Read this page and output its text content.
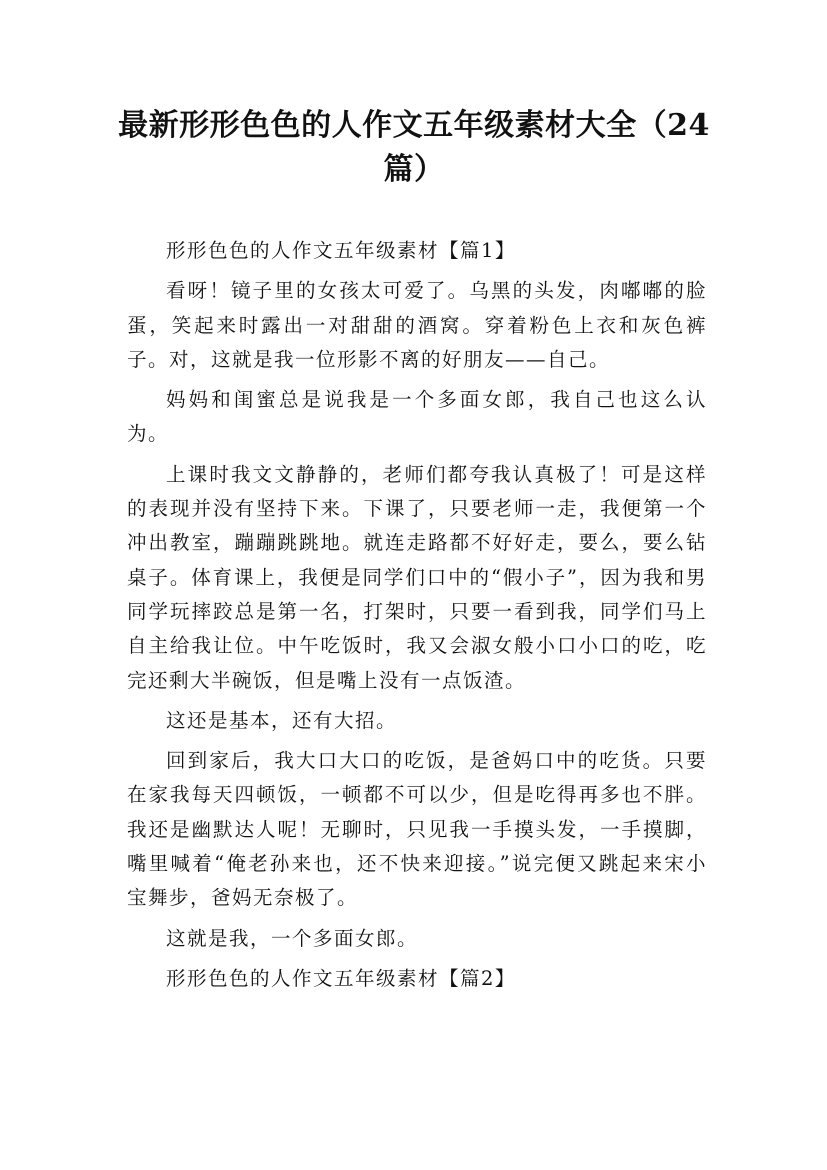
最新形形色色的人作文五年级素材大全（24篇）

形形色色的人作文五年级素材【篇1】

看呀！镜子里的女孩太可爱了。乌黑的头发，肉嘟嘟的脸蛋，笑起来时露出一对甜甜的酒窝。穿着粉色上衣和灰色裤子。对，这就是我一位形影不离的好朋友——自己。

妈妈和闺蜜总是说我是一个多面女郎，我自己也这么认为。

上课时我文文静静的，老师们都夸我认真极了！可是这样的表现并没有坚持下来。下课了，只要老师一走，我便第一个冲出教室，蹦蹦跳跳地。就连走路都不好好走，要么，要么钻桌子。体育课上，我便是同学们口中的“假小子”，因为我和男同学玩摔跤总是第一名，打架时，只要一看到我，同学们马上自主给我让位。中午吃饭时，我又会淑女般小口小口的吃，吃完还剩大半碗饭，但是嘴上没有一点饭渣。

这还是基本，还有大招。

回到家后，我大口大口的吃饭，是爸妈口中的吃货。只要在家我每天四顿饭，一顿都不可以少，但是吃得再多也不胖。我还是幽默达人呢！无聊时，只见我一手摸头发，一手摸脚，嘴里喊着“俺老孙来也，还不快来迎接。”说完便又跳起来宋小宝舞步，爸妈无奈极了。

这就是我，一个多面女郎。

形形色色的人作文五年级素材【篇2】
